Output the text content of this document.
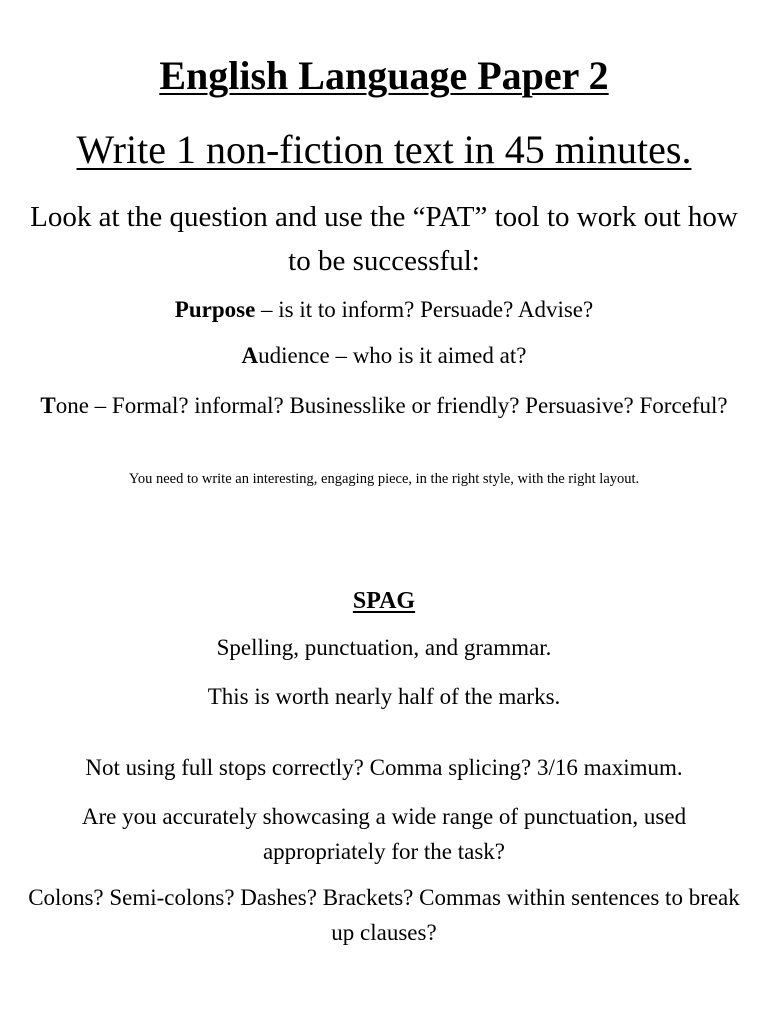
English Language Paper 2
Write 1 non-fiction text in 45 minutes.

Look at the question and use the “PAT” tool to work out how to be successful:

Purpose – is it to inform? Persuade? Advise?

Audience – who is it aimed at?

Tone – Formal? informal? Businesslike or friendly? Persuasive? Forceful?

You need to write an interesting, engaging piece, in the right style, with the right layout.

SPAG

Spelling, punctuation, and grammar.

This is worth nearly half of the marks.

Not using full stops correctly? Comma splicing? 3/16 maximum.

Are you accurately showcasing a wide range of punctuation, used appropriately for the task?

Colons? Semi-colons? Dashes? Brackets? Commas within sentences to break up clauses?
